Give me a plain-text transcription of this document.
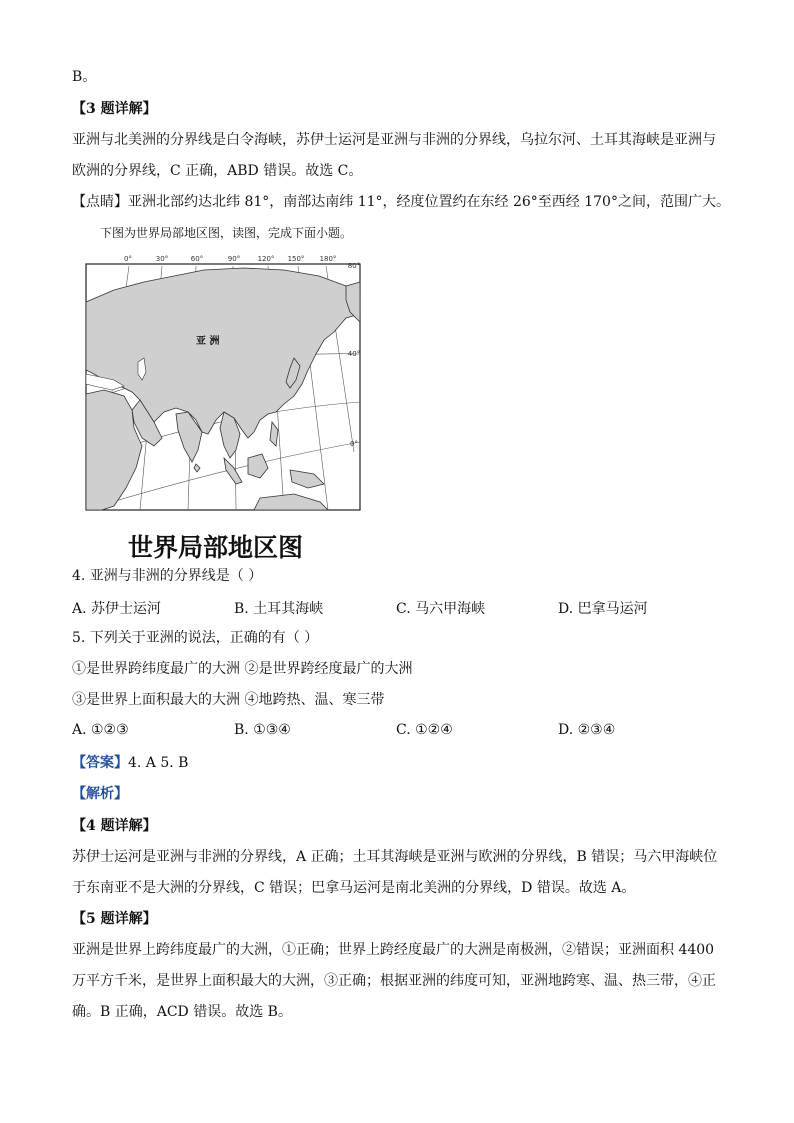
B。
【3 题详解】
亚洲与北美洲的分界线是白令海峡，苏伊士运河是亚洲与非洲的分界线，乌拉尔河、土耳其海峡是亚洲与
欧洲的分界线，C 正确，ABD 错误。故选 C。
【点睛】亚洲北部约达北纬 81°，南部达南纬 11°，经度位置约在东经 26°至西经 170°之间，范围广大。
下图为世界局部地区图，读图，完成下面小题。
0°	30°	60°	90° 120° 150° 180°
80°
40°
0°
亚 洲
世界局部地区图
4. 亚洲与非洲的分界线是（ ）
A. 苏伊士运河	B. 土耳其海峡	C. 马六甲海峡	D. 巴拿马运河
5. 下列关于亚洲的说法，正确的有（ ）
①是世界跨纬度最广的大洲 ②是世界跨经度最广的大洲
③是世界上面积最大的大洲 ④地跨热、温、寒三带
A. ①②③	B. ①③④	C. ①②④	D. ②③④
【答案】4. A 5. B
【解析】
【4 题详解】
苏伊士运河是亚洲与非洲的分界线，A 正确；土耳其海峡是亚洲与欧洲的分界线，B 错误；马六甲海峡位
于东南亚不是大洲的分界线，C 错误；巴拿马运河是南北美洲的分界线，D 错误。故选 A。
【5 题详解】
亚洲是世界上跨纬度最广的大洲，①正确；世界上跨经度最广的大洲是南极洲，②错误；亚洲面积 4400
万平方千米，是世界上面积最大的大洲，③正确；根据亚洲的纬度可知，亚洲地跨寒、温、热三带，④正
确。B 正确，ACD 错误。故选 B。
